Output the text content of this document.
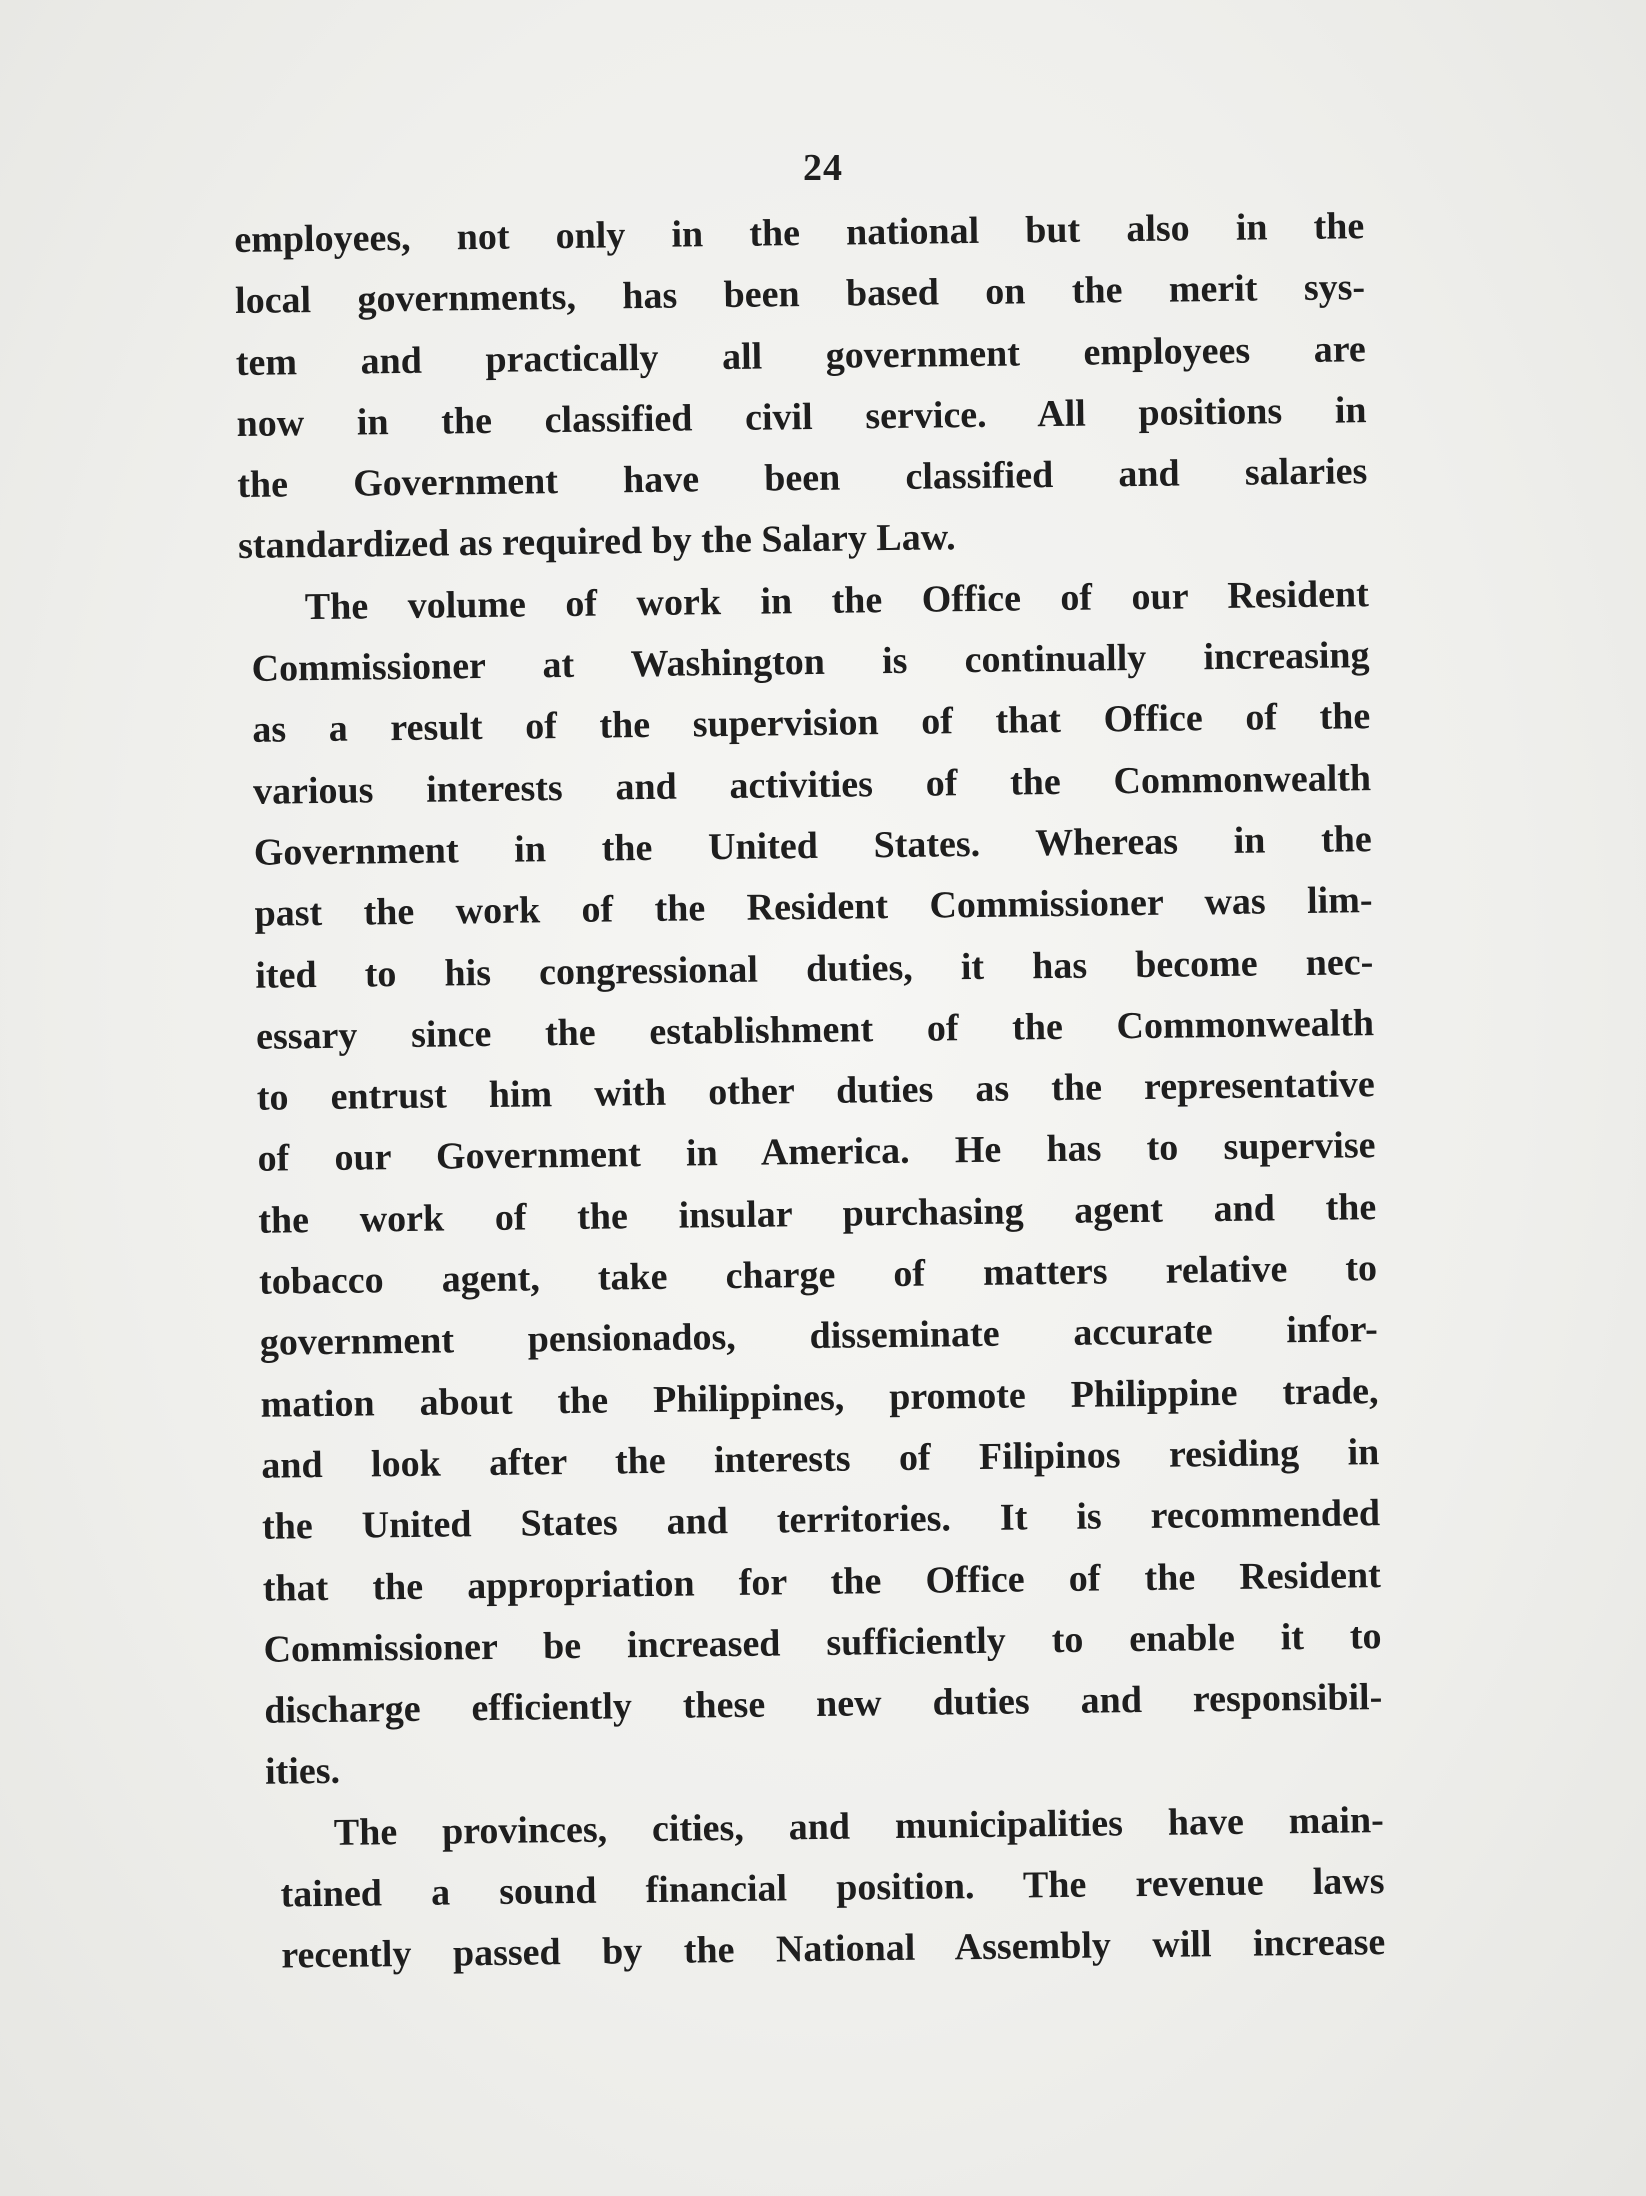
24
employees, not only in the national but also in the
local governments, has been based on the merit sys-
tem and practically all government employees are
now in the classified civil service. All positions in
the Government have been classified and salaries
standardized as required by the Salary Law.
The volume of work in the Office of our Resident
Commissioner at Washington is continually increasing
as a result of the supervision of that Office of the
various interests and activities of the Commonwealth
Government in the United States. Whereas in the
past the work of the Resident Commissioner was lim-
ited to his congressional duties, it has become nec-
essary since the establishment of the Commonwealth
to entrust him with other duties as the representative
of our Government in America. He has to supervise
the work of the insular purchasing agent and the
tobacco agent, take charge of matters relative to
government pensionados, disseminate accurate infor-
mation about the Philippines, promote Philippine trade,
and look after the interests of Filipinos residing in
the United States and territories. It is recommended
that the appropriation for the Office of the Resident
Commissioner be increased sufficiently to enable it to
discharge efficiently these new duties and responsibil-
ities.
The provinces, cities, and municipalities have main-
tained a sound financial position. The revenue laws
recently passed by the National Assembly will increase
